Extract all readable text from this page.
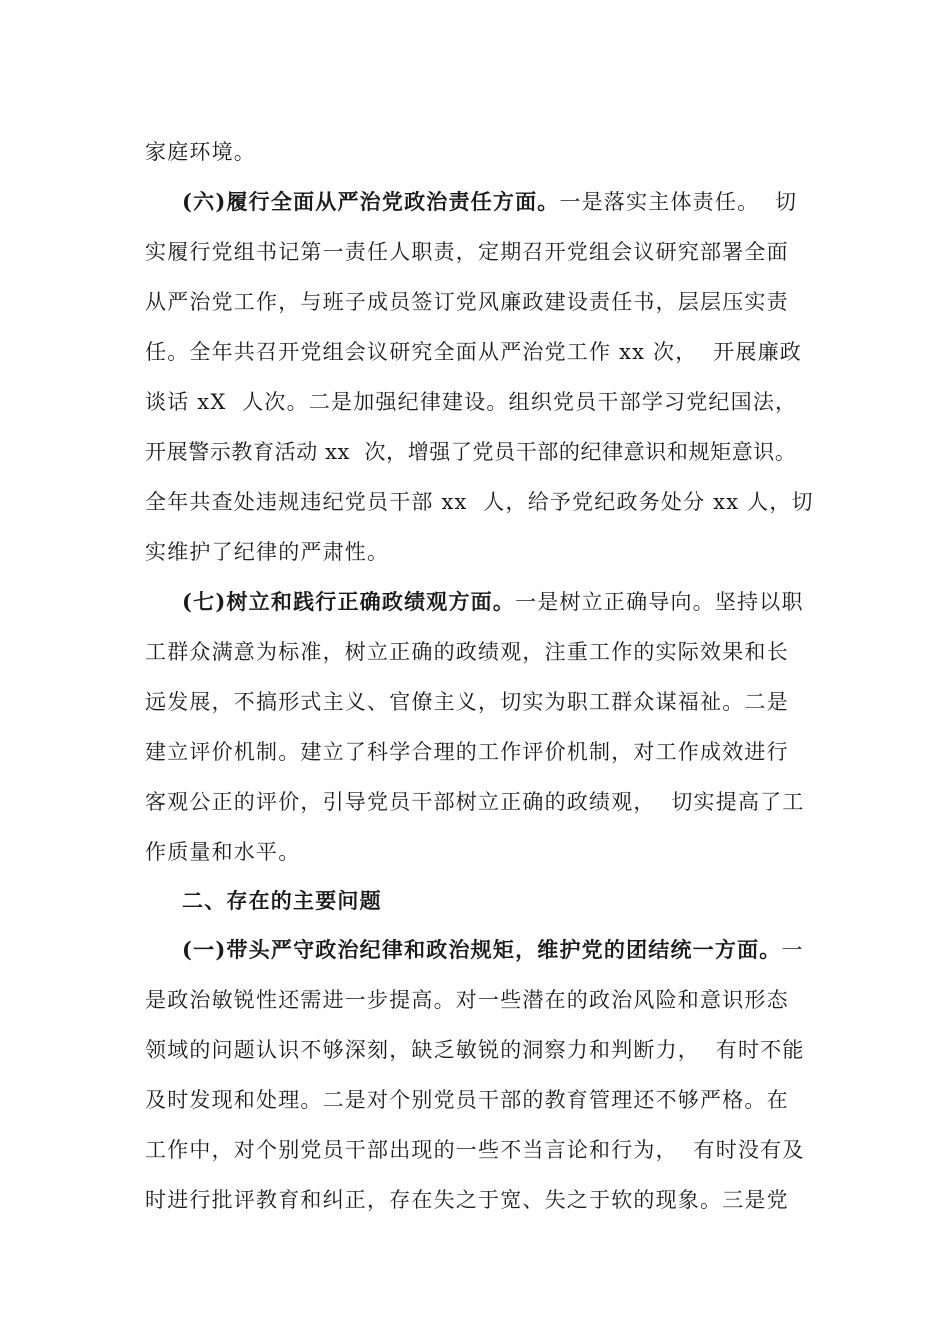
家庭环境。
(六)履行全面从严治党政治责任方面。一是落实主体责任。  切
实履行党组书记第一责任人职责，定期召开党组会议研究部署全面
从严治党工作，与班子成员签订党风廉政建设责任书，层层压实责
任。全年共召开党组会议研究全面从严治党工作 xx 次，  开展廉政
谈话 xX  人次。二是加强纪律建设。组织党员干部学习党纪国法，
开展警示教育活动 xx  次，增强了党员干部的纪律意识和规矩意识。
全年共查处违规违纪党员干部 xx  人，给予党纪政务处分 xx 人，切
实维护了纪律的严肃性。
(七)树立和践行正确政绩观方面。一是树立正确导向。坚持以职
工群众满意为标准，树立正确的政绩观，注重工作的实际效果和长
远发展，不搞形式主义、官僚主义，切实为职工群众谋福祉。二是
建立评价机制。建立了科学合理的工作评价机制，对工作成效进行
客观公正的评价，引导党员干部树立正确的政绩观，  切实提高了工
作质量和水平。
二、存在的主要问题
(一)带头严守政治纪律和政治规矩，维护党的团结统一方面。一
是政治敏锐性还需进一步提高。对一些潜在的政治风险和意识形态
领域的问题认识不够深刻，缺乏敏锐的洞察力和判断力，  有时不能
及时发现和处理。二是对个别党员干部的教育管理还不够严格。在
工作中，对个别党员干部出现的一些不当言论和行为，  有时没有及
时进行批评教育和纠正，存在失之于宽、失之于软的现象。三是党
